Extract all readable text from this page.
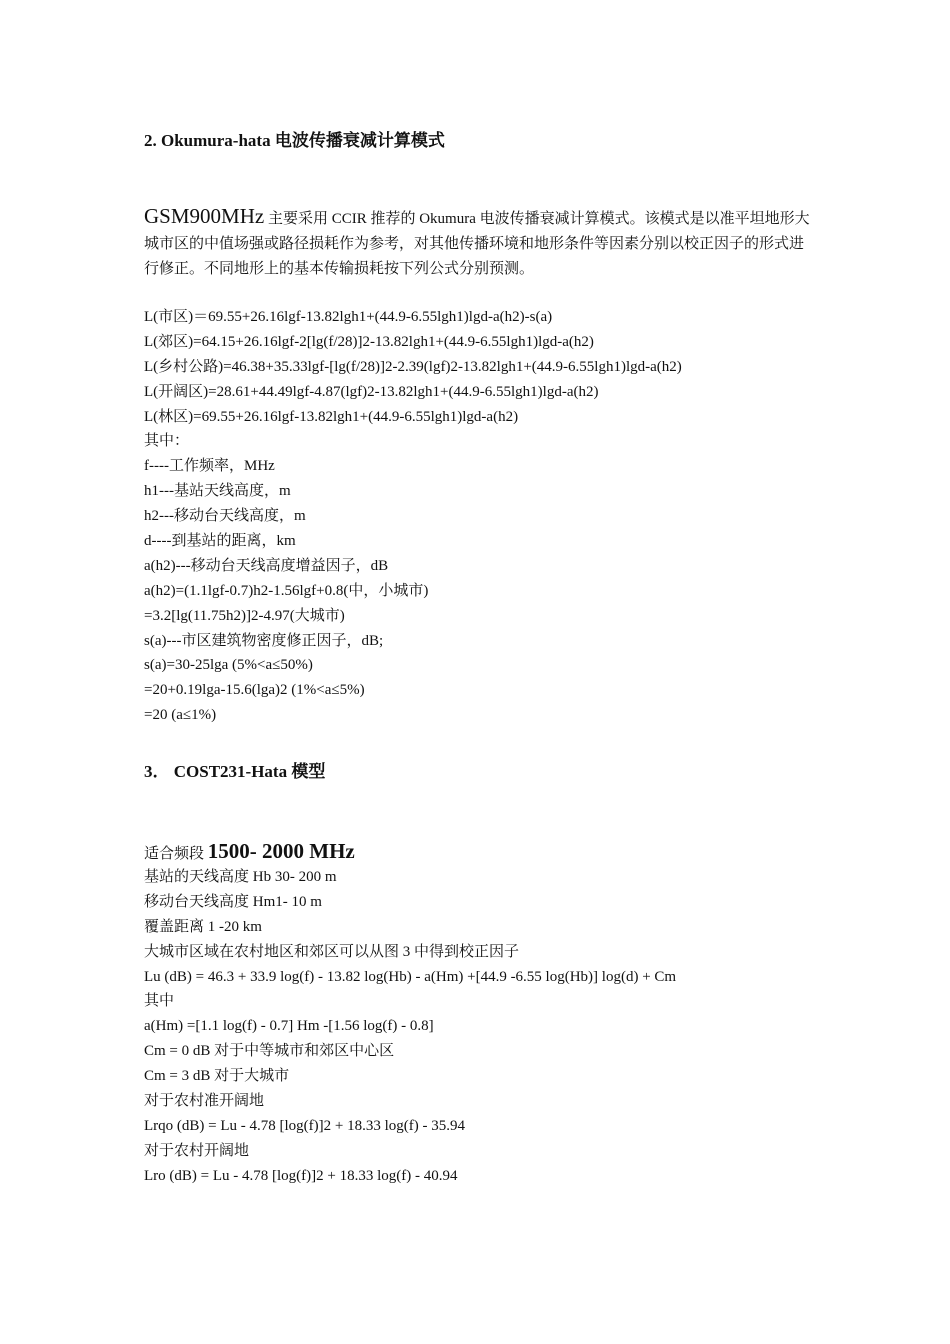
2. Okumura-hata 电波传播衰减计算模式
GSM900MHz 主要采用 CCIR 推荐的 Okumura 电波传播衰减计算模式。该模式是以准平坦地形大城市区的中值场强或路径损耗作为参考，对其他传播环境和地形条件等因素分别以校正因子的形式进行修正。不同地形上的基本传输损耗按下列公式分别预测。
L(市区)＝69.55+26.16lgf-13.82lgh1+(44.9-6.55lgh1)lgd-a(h2)-s(a)
L(郊区)=64.15+26.16lgf-2[lg(f/28)]2-13.82lgh1+(44.9-6.55lgh1)lgd-a(h2)
L(乡村公路)=46.38+35.33lgf-[lg(f/28)]2-2.39(lgf)2-13.82lgh1+(44.9-6.55lgh1)lgd-a(h2)
L(开阔区)=28.61+44.49lgf-4.87(lgf)2-13.82lgh1+(44.9-6.55lgh1)lgd-a(h2)
L(林区)=69.55+26.16lgf-13.82lgh1+(44.9-6.55lgh1)lgd-a(h2)
其中：
f----工作频率，MHz
h1---基站天线高度，m
h2---移动台天线高度，m
d----到基站的距离，km
a(h2)---移动台天线高度增益因子，dB
a(h2)=(1.1lgf-0.7)h2-1.56lgf+0.8(中，小城市)
=3.2[lg(11.75h2)]2-4.97(大城市)
s(a)---市区建筑物密度修正因子，dB;
s(a)=30-25lga (5%<a≤50%)
=20+0.19lga-15.6(lga)2 (1%<a≤5%)
=20 (a≤1%)
3． COST231-Hata 模型
适合频段 1500- 2000 MHz
基站的天线高度 Hb 30- 200 m
移动台天线高度 Hm1- 10 m
覆盖距离 1 -20 km
大城市区域在农村地区和郊区可以从图 3 中得到校正因子
Lu (dB) = 46.3 + 33.9 log(f) - 13.82 log(Hb) - a(Hm) +[44.9 -6.55 log(Hb)] log(d) + Cm
其中
a(Hm) =[1.1 log(f) - 0.7] Hm -[1.56 log(f) - 0.8]
Cm = 0 dB 对于中等城市和郊区中心区
Cm = 3 dB 对于大城市
对于农村准开阔地
Lrqo (dB) = Lu - 4.78 [log(f)]2 + 18.33 log(f) - 35.94
对于农村开阔地
Lro (dB) = Lu - 4.78 [log(f)]2 + 18.33 log(f) - 40.94
